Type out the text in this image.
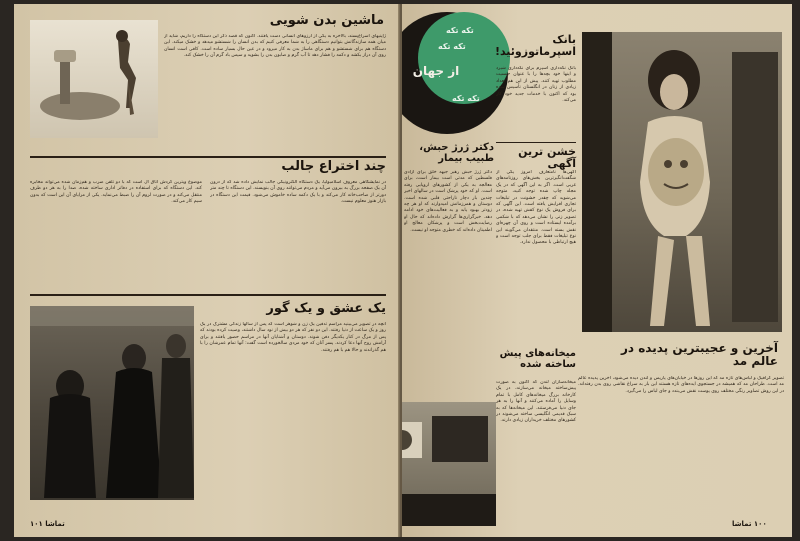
ماشین بدن شویی
ژاپنیهای اسراع‌پسند، بالاخره به یکی از آرزوهای انسانی دست یافتند. اکنون که قصد ذکر این دستگاه را داریم، شاید از میان همه سازندگانش بتوانیم دستگاهی را به شما معرفی کنیم که بدن انسان را شستشو میدهد و خشک میکند. این دستگاه هم برای شستشو و هم برای ماساژ بدن به کار میرود و در عین حال بسیار ساده است. کافی است انسان روی آن دراز بکشد و دکمه را فشار دهد تا آب گرم و صابون بدن را بشوید و سپس باد گرم آن را خشک کند.
چند اختراع جالب
در نمایشگاهی معروف اسلامبولیا، یک دستگاه الکترونیکی جالب نمایش داده شد که از درون آن یک صفحه بزرگ به بیرون می‌آید و مردم می‌توانند روی آن بنویسند. این دستگاه تا چند متر دورتر از صاحب‌خانه کار می‌کند و با یک دکمه ساده خاموش می‌شود. قیمت این دستگاه در بازار هنوز معلوم نیست.
موضوع ویترین گردش اتاق آل‌ است که با دو تلفن ضرب و هم‌زمان شده می‌تواند مخابره کند. این دستگاه که برای استفاده در دفاتر اداری ساخته شده، صدا را به هر دو طرف منتقل می‌کند و در صورت لزوم آن را ضبط می‌نماید. یکی از مزایای آن این است که بدون سیم کار می‌کند.
یک عشق و یک گور
آنچه در تصویر می‌بینید مراسم تدفین یک زن و شوهر است که پس از سالها زندگی مشترک در یک روز و یک ساعت از دنیا رفتند. این دو نفر که هر دو بیش از نود سال داشتند، وصیت کرده بودند که پس از مرگ در کنار یکدیگر دفن شوند. دوستان و آشنایان آنها در مراسم حضور یافتند و برای آرامش روح آنها دعا کردند. پسر آنان که خود مردی سالخورده است گفت: آنها تمام عمرشان را با هم گذراندند و حالا هم با هم رفتند.
تماشا ١٠١
تکه تکه
تکه تکه
تکه تکه
از جهان
بانک اسپرماتوزوئید!
بانک نگه‌داری اسپرم برای نگه‌داری شیرد و اینها خود بچه‌ها را با عنوان جنسیت مطلوب تهیه کنند. پیش از این هم تعداد زیادی از زنان در انگلستان تأسیس شده بود که اکنون با خدمات جدید خود کار می‌کند.
خشن ترین آگهی
آگهی‌ها نامتعارف امروز یکی از شگفت‌انگیزترین بخش‌های روزنامه‌های غربی است. اگر به این آگهی که در یک مجله چاپ شده توجه کنید، متوجه می‌شوید که چقدر خشونت در تبلیغات تجاری افزایش یافته است. این آگهی که برای فروش یک نوع کفش تهیه شده، در تصویر زنی را نشان می‌دهد که با شکمی برآمده ایستاده است و روی آن چهره‌ای نقش بسته است. منتقدان می‌گویند این نوع تبلیغات فقط برای جلب توجه است و هیچ ارتباطی با محصول ندارد.
دکتر ژرژ حبش، طبیب بیمار
دکتر ژرژ حبش رهبر جبهه خلق برای آزادی فلسطین که مدتی است بیمار است، برای معالجه به یکی از کشورهای اروپایی رفته است. او که خود پزشک است در سالهای اخیر چندین بار دچار ناراحتی قلبی شده است. دوستان و همرزمانش امیدوارند که او هر چه زودتر بهبود یابد و به فعالیت‌های خود ادامه دهد. خبرگزاری‌ها گزارش داده‌اند که حال او رضایت‌بخش است و پزشکان معالج او اطمینان داده‌اند که خطری متوجه او نیست.
آخرین و عجیبترین پدیده در عالم مد
تصویر گرافیک و لباس‌های تازه مد که این روزها در خیابان‌های پاریس و لندن دیده می‌شود، آخرین پدیده عالم مد است. طراحان مد که همیشه در جستجوی ایده‌های تازه هستند این بار به سراغ نقاشی روی بدن رفته‌اند. در این روش تصاویر رنگی مختلف روی پوست نقش می‌بندد و جای لباس را می‌گیرد.
میخانه‌های پیش ساخته شده
میخانه‌سازان لندن که اکنون به صورت پیش‌ساخته میخانه می‌سازند، در یک کارخانه بزرگ میخانه‌های کامل با تمام وسایل را آماده می‌کنند و آنها را به هر جای دنیا می‌فرستند. این میخانه‌ها که به سبک قدیمی انگلیسی ساخته می‌شوند در کشورهای مختلف خریداران زیادی دارند.
١٠٠ تماشا
